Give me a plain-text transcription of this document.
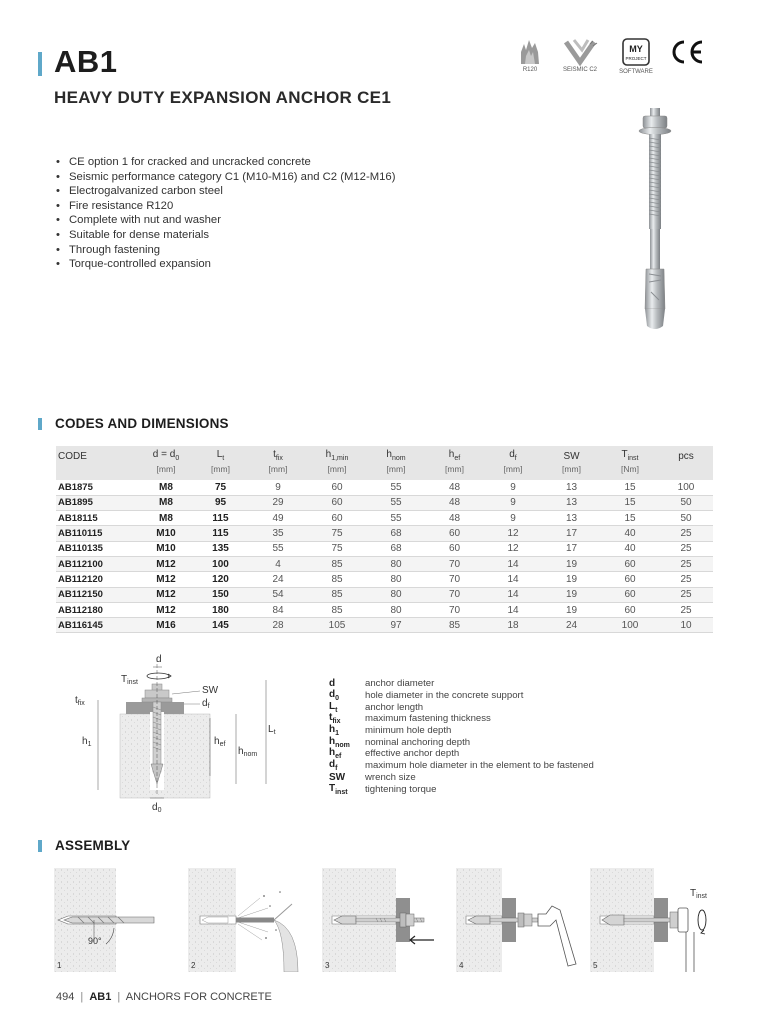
AB1
HEAVY DUTY EXPANSION ANCHOR CE1
R120	SEISMIC C2
MY
PROJECT
SOFTWARE
• CE option 1 for cracked and uncracked concrete
• Seismic performance category C1 (M10-M16) and C2 (M12-M16)
• Electrogalvanized carbon steel
• Fire resistance R120
• Complete with nut and washer
• Suitable for dense materials
• Through fastening
• Torque-controlled expansion
CODES AND DIMENSIONS
CODE	$d = d_0$	$L_t$	$t_{fix}$	$h_{1,min}$	$h_{nom}$	$h_{ef}$	$d_f$	SW	$T_{inst}$	pcs
	[mm]	[mm]	[mm]	[mm]	[mm]	[mm]	[mm]	[mm]	[Nm]	
AB1875	M8	75	9	60	55	48	9	13	15	100
AB1895	M8	95	29	60	55	48	9	13	15	50
AB18115	M8	115	49	60	55	48	9	13	15	50
AB110115	M10	115	35	75	68	60	12	17	40	25
AB110135	M10	135	55	75	68	60	12	17	40	25
AB112100	M12	100	4	85	80	70	14	19	60	25
AB112120	M12	120	24	85	80	70	14	19	60	25
AB112150	M12	150	54	85	80	70	14	19	60	25
AB112180	M12	180	84	85	80	70	14	19	60	25
AB116145	M16	145	28	105	97	85	18	24	100	10
d
$T_{inst}$
SW
$d_f$
$t_{fix}$
$h_1$	$h_{ef}$
$h_{nom}$
$L_t$
$d_0$
d	anchor diameter
$d_0$	hole diameter in the concrete support
$L_t$	anchor length
$t_{fix}$	maximum fastening thickness
$h_1$	minimum hole depth
$h_{nom}$	nominal anchoring depth
$h_{ef}$	effective anchor depth
$d_f$	maximum hole diameter in the element to be fastened
SW	wrench size
$T_{inst}$	tightening torque
ASSEMBLY
90°
1	2	3	4
$T_{inst}$
5
494 | AB1 | ANCHORS FOR CONCRETE
